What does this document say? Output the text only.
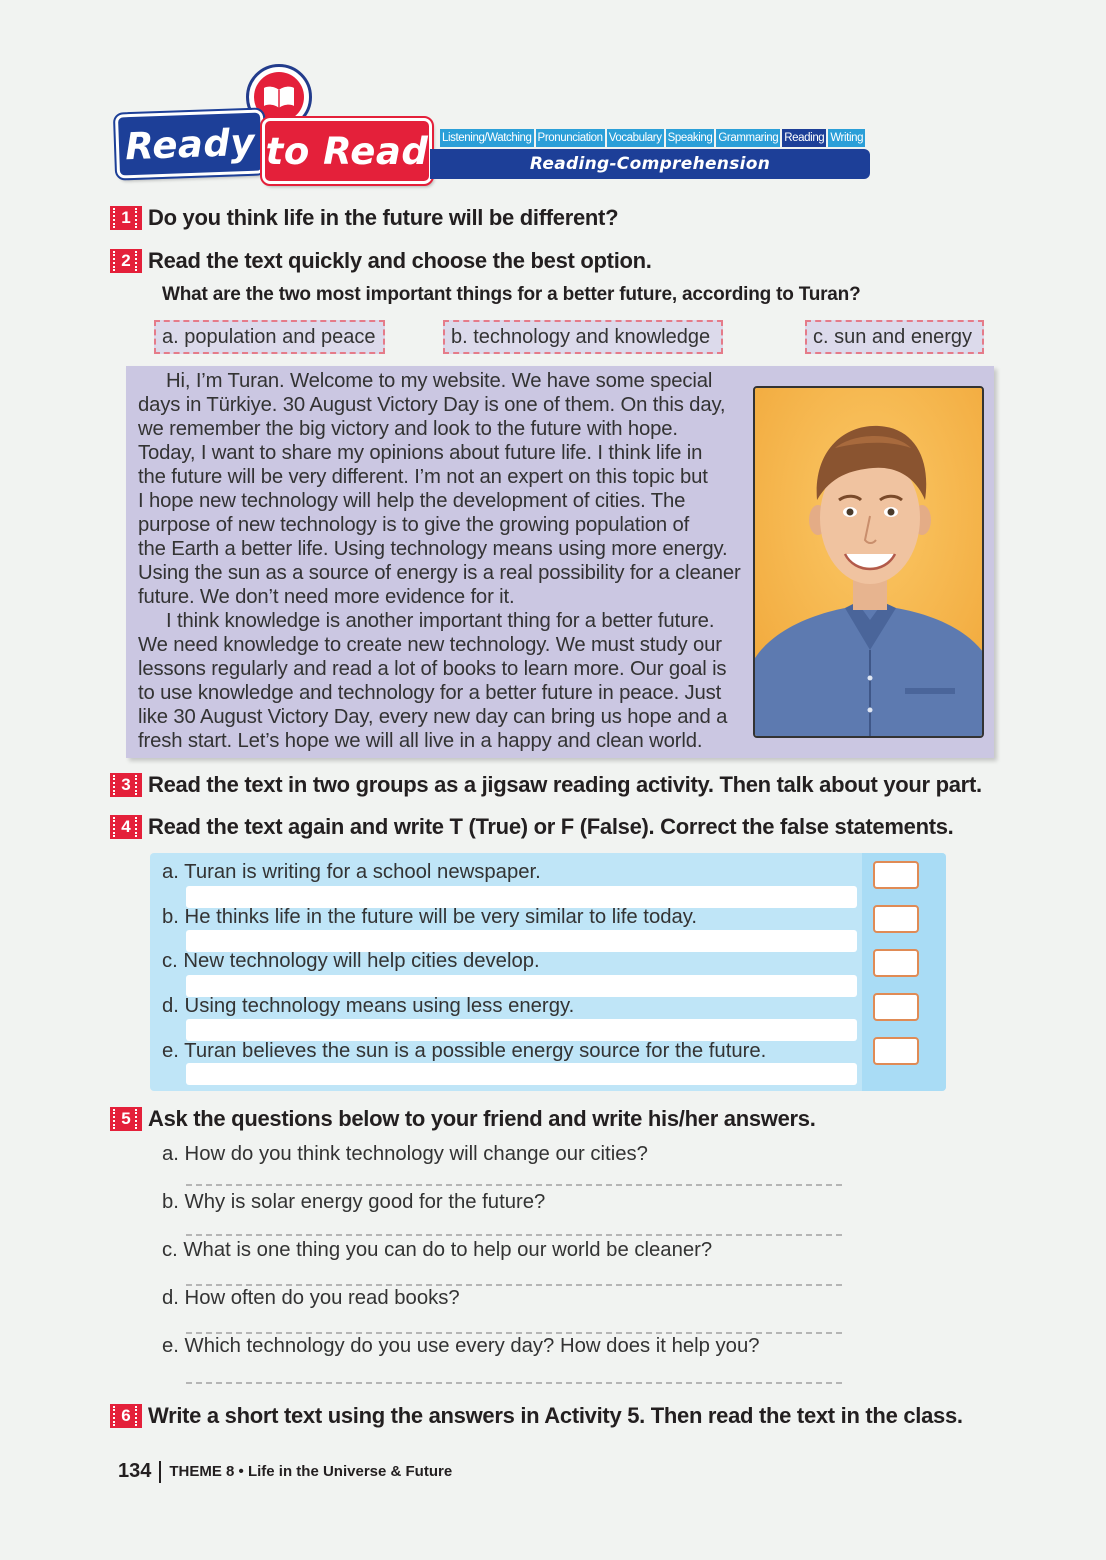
Ready to Read Listening/Watching Pronunciation Vocabulary Speaking Grammaring Reading Writing
Reading-Comprehension
1 Do you think life in the future will be different?
2 Read the text quickly and choose the best option.
What are the two most important things for a better future, according to Turan?
a. population and peace	b. technology and knowledge	c. sun and energy

Hi, I’m Turan. Welcome to my website. We have some special
days in Türkiye. 30 August Victory Day is one of them. On this day,
we remember the big victory and look to the future with hope.
Today, I want to share my opinions about future life. I think life in
the future will be very different. I’m not an expert on this topic but
I hope new technology will help the development of cities. The
purpose of new technology is to give the growing population of
the Earth a better life. Using technology means using more energy.
Using the sun as a source of energy is a real possibility for a cleaner
future. We don’t need more evidence for it.

I think knowledge is another important thing for a better future.
We need knowledge to create new technology. We must study our
lessons regularly and read a lot of books to learn more. Our goal is
to use knowledge and technology for a better future in peace. Just
like 30 August Victory Day, every new day can bring us hope and a
fresh start. Let’s hope we will all live in a happy and clean world.

3 Read the text in two groups as a jigsaw reading activity. Then talk about your part.
4 Read the text again and write T (True) or F (False). Correct the false statements.
a. Turan is writing for a school newspaper.
b. He thinks life in the future will be very similar to life today.
c. New technology will help cities develop.
d. Using technology means using less energy.
e. Turan believes the sun is a possible energy source for the future.
5 Ask the questions below to your friend and write his/her answers.
a. How do you think technology will change our cities?
b. Why is solar energy good for the future?
c. What is one thing you can do to help our world be cleaner?
d. How often do you read books?
e. Which technology do you use every day? How does it help you?
6 Write a short text using the answers in Activity 5. Then read the text in the class.
134 THEME 8 • Life in the Universe & Future
